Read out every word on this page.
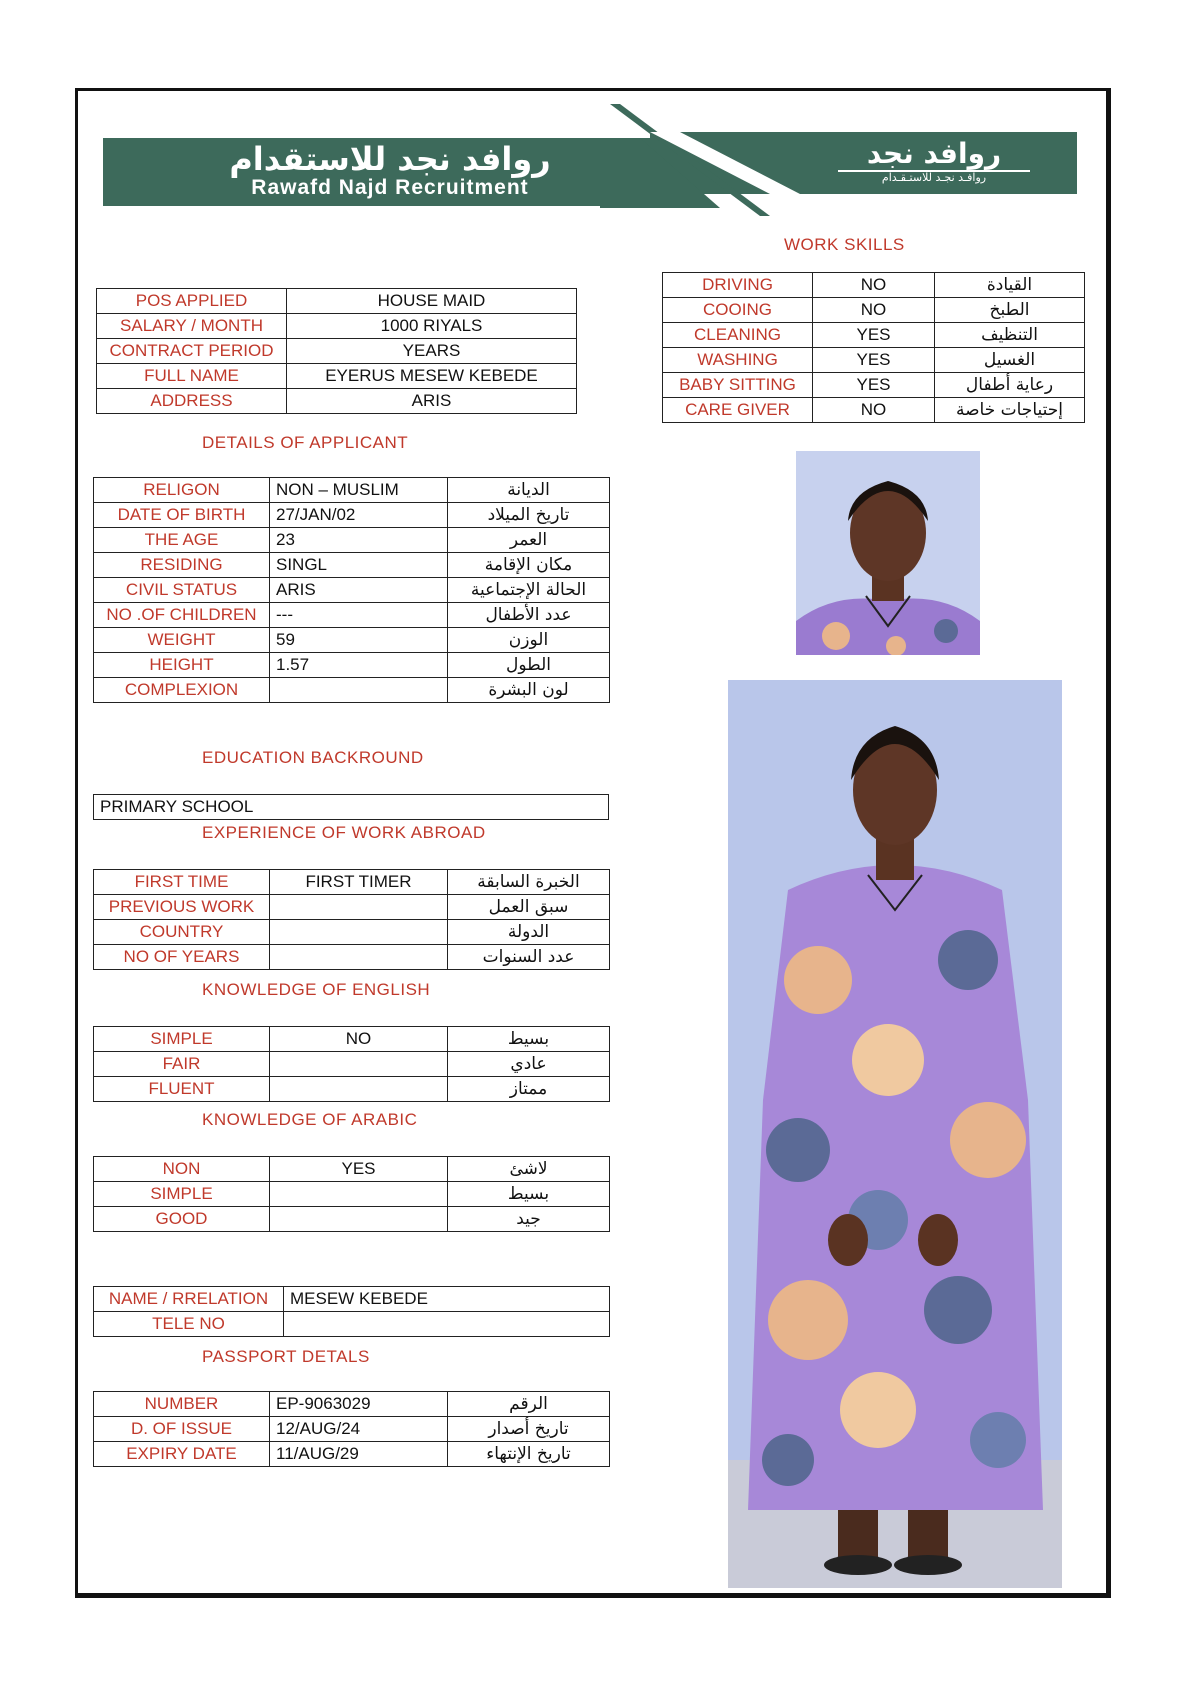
روافد نجد للاستقدام
Rawafd Najd Recruitment
روافد نجد
روافـد نجـد للاستـقـدام
POS APPLIED	HOUSE MAID
SALARY / MONTH	1000 RIYALS
CONTRACT PERIOD	YEARS
FULL NAME	EYERUS MESEW KEBEDE
ADDRESS	ARIS
WORK SKILLS
DRIVING	NO	القيادة
COOING	NO	الطبخ
CLEANING	YES	التنظيف
WASHING	YES	الغسيل
BABY SITTING	YES	رعاية أطفال
CARE GIVER	NO	إحتياجات خاصة
DETAILS OF APPLICANT
RELIGON	NON – MUSLIM	الديانة
DATE OF BIRTH	27/JAN/02	تاريخ الميلاد
THE AGE	23	العمر
RESIDING	SINGL	مكان الإقامة
CIVIL STATUS	ARIS	الحالة الإجتماعية
NO .OF CHILDREN	---	عدد الأطفال
WEIGHT	59	الوزن
HEIGHT	1.57	الطول
COMPLEXION		لون البشرة
EDUCATION BACKROUND
PRIMARY SCHOOL
EXPERIENCE OF WORK ABROAD
FIRST TIME	FIRST TIMER	الخبرة السابقة
PREVIOUS WORK		سبق العمل
COUNTRY		الدولة
NO OF YEARS		عدد السنوات
KNOWLEDGE OF ENGLISH
SIMPLE	NO	بسيط
FAIR		عادي
FLUENT		ممتاز
KNOWLEDGE OF ARABIC
NON	YES	لاشئ
SIMPLE		بسيط
GOOD		جيد
NAME / RRELATION	MESEW KEBEDE
TELE NO	
PASSPORT DETALS
NUMBER	EP-9063029	الرقم
D. OF ISSUE	12/AUG/24	تاريخ أصدار
EXPIRY DATE	11/AUG/29	تاريخ الإنتهاء
